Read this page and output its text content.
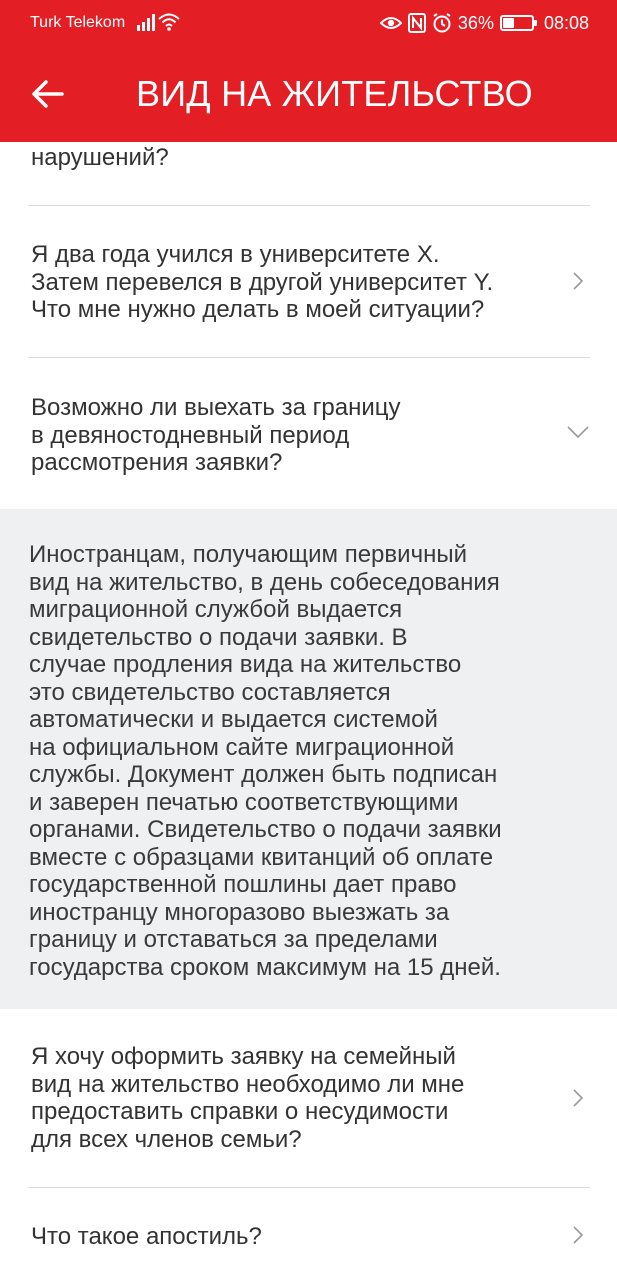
нарушений?
Я два года учился в университете X.
Затем перевелся в другой университет Y.
Что мне нужно делать в моей ситуации?
Возможно ли выехать за границу
в девяностодневный период
рассмотрения заявки?
Иностранцам, получающим первичный
вид на жительство, в день собеседования
миграционной службой выдается
свидетельство о подачи заявки. В
случае продления вида на жительство
это свидетельство составляется
автоматически и выдается системой
на официальном сайте миграционной
службы. Документ должен быть подписан
и заверен печатью соответствующими
органами. Свидетельство о подачи заявки
вместе с образцами квитанций об оплате
государственной пошлины дает право
иностранцу многоразово выезжать за
границу и отставаться за пределами
государства сроком максимум на 15 дней.
Я хочу оформить заявку на семейный
вид на жительство необходимо ли мне
предоставить справки о несудимости
для всех членов семьи?
Что такое апостиль?
Turk Telekom	36%	08:08
ВИД НА ЖИТЕЛЬСТВО
